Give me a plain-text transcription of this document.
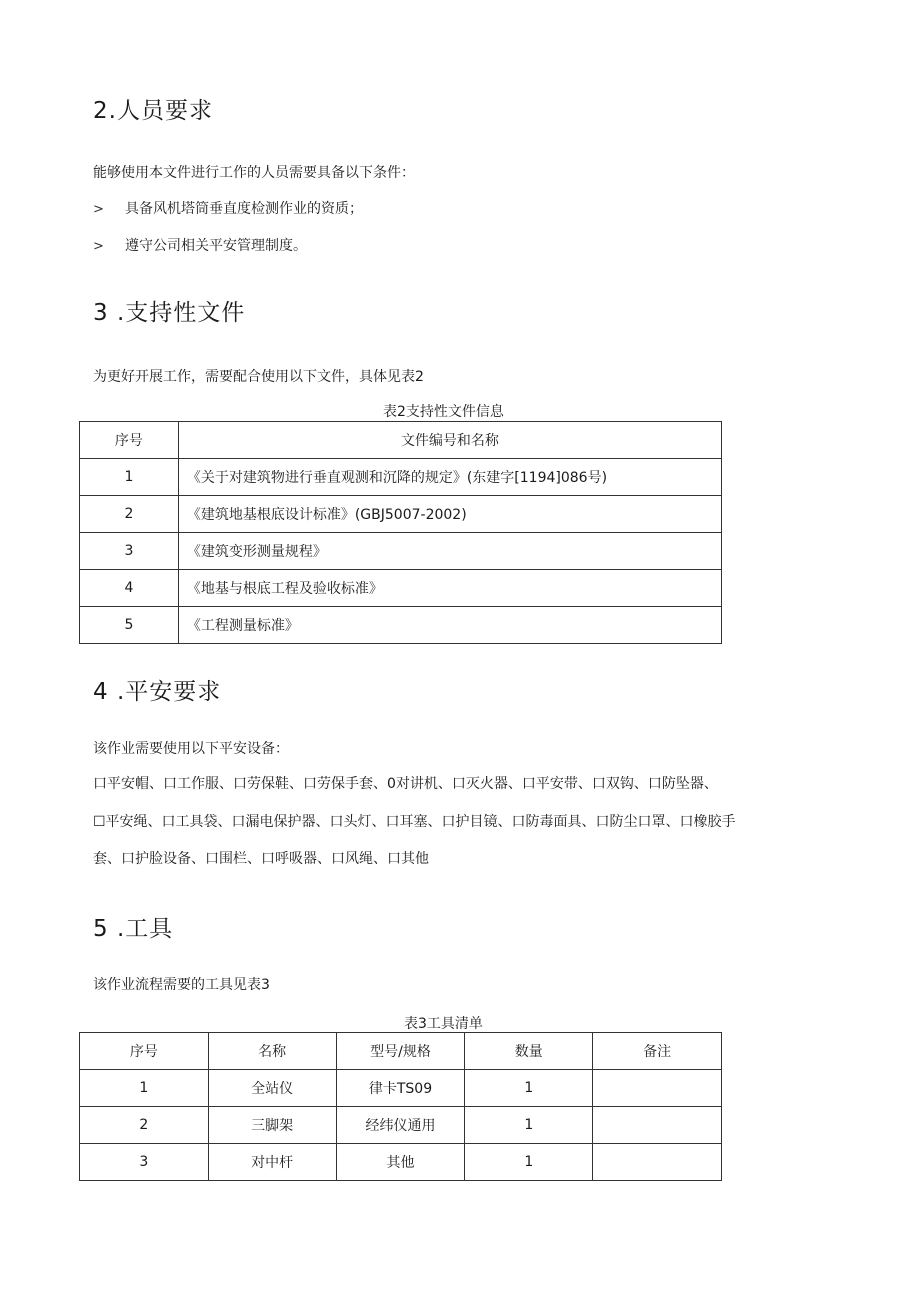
2.人员要求

能够使用本文件进行工作的人员需要具备以下条件：

> 具备风机塔筒垂直度检测作业的资质；
> 遵守公司相关平安管理制度。
3 .支持性文件

为更好开展工作，需要配合使用以下文件，具体见表2

表2支持性文件信息
序号	文件编号和名称
1	《关于对建筑物进行垂直观测和沉降的规定》(东建字[1194]086号)
2	《建筑地基根底设计标准》(GBJ5007-2002)
3	《建筑变形测量规程》
4	《地基与根底工程及验收标准》
5	《工程测量标准》
4 .平安要求

该作业需要使用以下平安设备：

口平安帽、口工作服、口劳保鞋、口劳保手套、0对讲机、口灭火器、口平安带、口双钩、口防坠器、

☐平安绳、口工具袋、口漏电保护器、口头灯、口耳塞、口护目镜、口防毒面具、口防尘口罩、口橡胶手

套、口护脸设备、口围栏、口呼吸器、口风绳、口其他

5 .工具

该作业流程需要的工具见表3

表3工具清单
序号	名称	型号/规格	数量	备注
1	全站仪	律卡TS09	1	
2	三脚架	经纬仪通用	1	
3	对中杆	其他	1	
